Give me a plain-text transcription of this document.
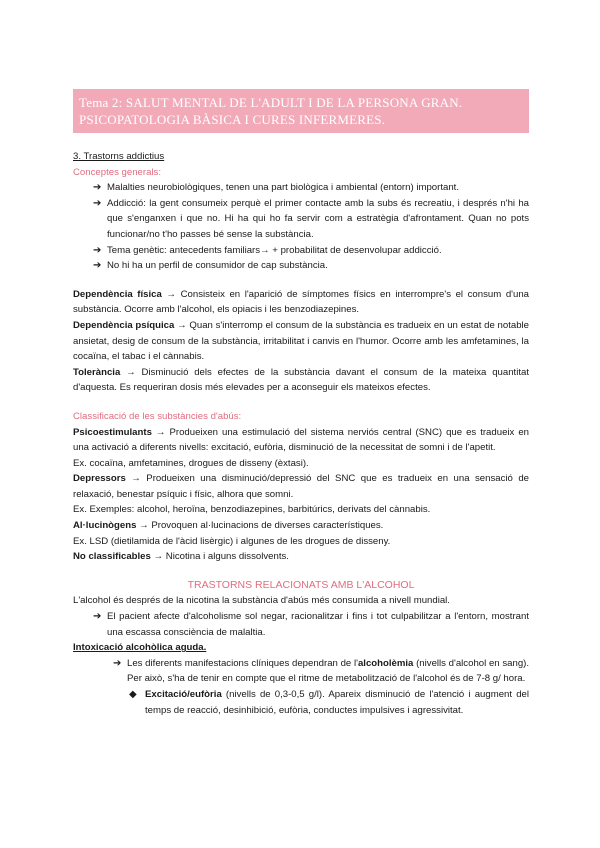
Tema 2: SALUT MENTAL DE L'ADULT I DE LA PERSONA GRAN.
PSICOPATOLOGIA BÀSICA I CURES INFERMERES.

3. Trastorns addictius

Conceptes generals:

➔ Malalties neurobiològiques, tenen una part biològica i ambiental (entorn) important.
➔ Addicció: la gent consumeix perquè el primer contacte amb la subs és recreatiu, i després n'hi ha que s'enganxen i que no. Hi ha qui ho fa servir com a estratègia d'afrontament. Quan no pots funcionar/no t'ho passes bé sense la substància.
➔ Tema genètic: antecedents familiars→ + probabilitat de desenvolupar addicció.
➔ No hi ha un perfil de consumidor de cap substància.

Dependència física → Consisteix en l'aparició de símptomes físics en interrompre's el consum d'una substància. Ocorre amb l'alcohol, els opiacis i les benzodiazepines.

Dependència psíquica → Quan s'interromp el consum de la substància es tradueix en un estat de notable ansietat, desig de consum de la substància, irritabilitat i canvis en l'humor. Ocorre amb les amfetamines, la cocaïna, el tabac i el cànnabis.

Tolerància → Disminució dels efectes de la substància davant el consum de la mateixa quantitat d'aquesta. Es requeriran dosis més elevades per a aconseguir els mateixos efectes.

Classificació de les substàncies d'abús:

Psicoestimulants → Produeixen una estimulació del sistema nerviós central (SNC) que es tradueix en una activació a diferents nivells: excitació, eufòria, disminució de la necessitat de somni i de l'apetit.

Ex. cocaïna, amfetamines, drogues de disseny (èxtasi).

Depressors → Produeixen una disminució/depressió del SNC que es tradueix en una sensació de relaxació, benestar psíquic i físic, alhora que somni.

Ex. Exemples: alcohol, heroïna, benzodiazepines, barbitúrics, derivats del cànnabis.

Al·lucinògens → Provoquen al·lucinacions de diverses característiques.

Ex. LSD (dietilamida de l'àcid lisèrgic) i algunes de les drogues de disseny.

No classificables → Nicotina i alguns dissolvents.

TRASTORNS RELACIONATS AMB L'ALCOHOL

L'alcohol és després de la nicotina la substància d'abús més consumida a nivell mundial.

➔ El pacient afecte d'alcoholisme sol negar, racionalitzar i fins i tot culpabilitzar a l'entorn, mostrant una escassa consciència de malaltia.

Intoxicació alcohòlica aguda.

➔ Les diferents manifestacions clíniques dependran de l'alcoholèmia (nivells d'alcohol en sang). Per això, s'ha de tenir en compte que el ritme de metabolització de l'alcohol és de 7-8 g/ hora.
◆ Excitació/eufòria (nivells de 0,3-0,5 g/l). Apareix disminució de l'atenció i augment del temps de reacció, desinhibició, eufòria, conductes impulsives i agressivitat.
